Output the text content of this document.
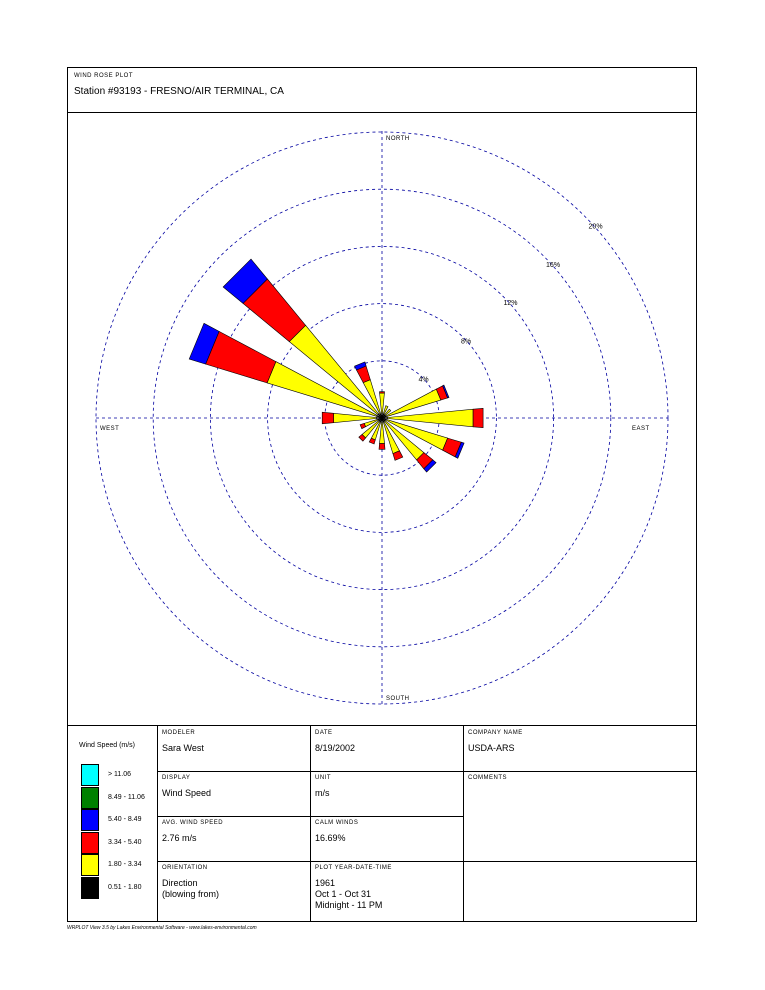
WIND ROSE PLOT
Station #93193 - FRESNO/AIR TERMINAL, CA
4%
8%
12%
16%
20%
NORTH
EAST
SOUTH
WEST
Wind Speed (m/s)
> 11.06
8.49 - 11.06
5.40 - 8.49
3.34 - 5.40
1.80 - 3.34
0.51 - 1.80
MODELER
Sara West
DATE
8/19/2002
COMPANY NAME
USDA-ARS
DISPLAY
Wind Speed
UNIT
m/s
COMMENTS
AVG. WIND SPEED
2.76 m/s
CALM WINDS
16.69%
ORIENTATION
Direction
(blowing from)
PLOT YEAR-DATE-TIME
1961
Oct 1 - Oct 31
Midnight - 11 PM
WRPLOT View 3.5 by Lakes Environmental Software - www.lakes-environmental.com
